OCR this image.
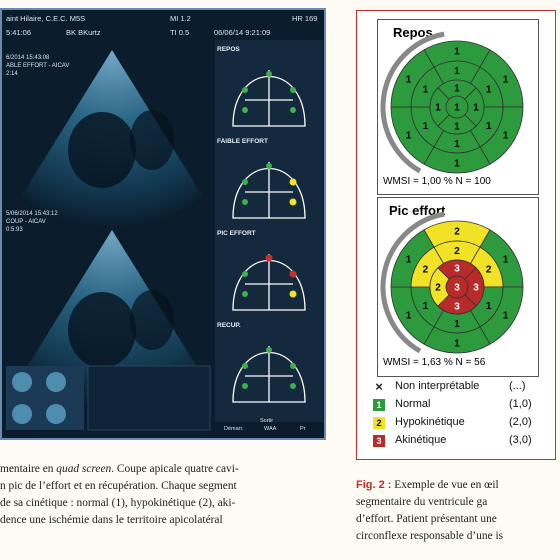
aint Hilaire, C.E.C. M5S	MI 1.2	HR 169
BK BKurtz	TI 0.5	06/06/14 9:21:09
5:41:06
6/2014 15:43:08
ABLE EFFORT - AICAV
2:14
5/06/2014 15:43:12
COUP - AICAV
0:5:93
REPOS
FAIBLE EFFORT
PIC EFFORT
RECUP.
Démarr.
Sortir
WAA	Pr
mentaire en quad screen. Coupe apicale quatre cavi-
n pic de l’effort et en récupération. Chaque segment
de sa cinétique : normal (1), hypokinétique (2), aki-
dence une ischémie dans le territoire apicolatéral
Repos
1
1
1
1
1
1
1
1
1
1
1
1	1
1
1
1 1
WMSI = 1,00 % N = 100
Pic effort
2
1
1
1
1
1
2
2
1
1
1
2	3
3
3
2 3
WMSI = 1,63 % N = 56
× Non interprétable	(...)
1	Normal	(1,0)
2	Hypokinétique	(2,0)
3	Akinétique	(3,0)
Fig. 2 : Exemple de vue en œil
segmentaire du ventricule ga
d’effort. Patient présentant une
circonflexe responsable d’une is
